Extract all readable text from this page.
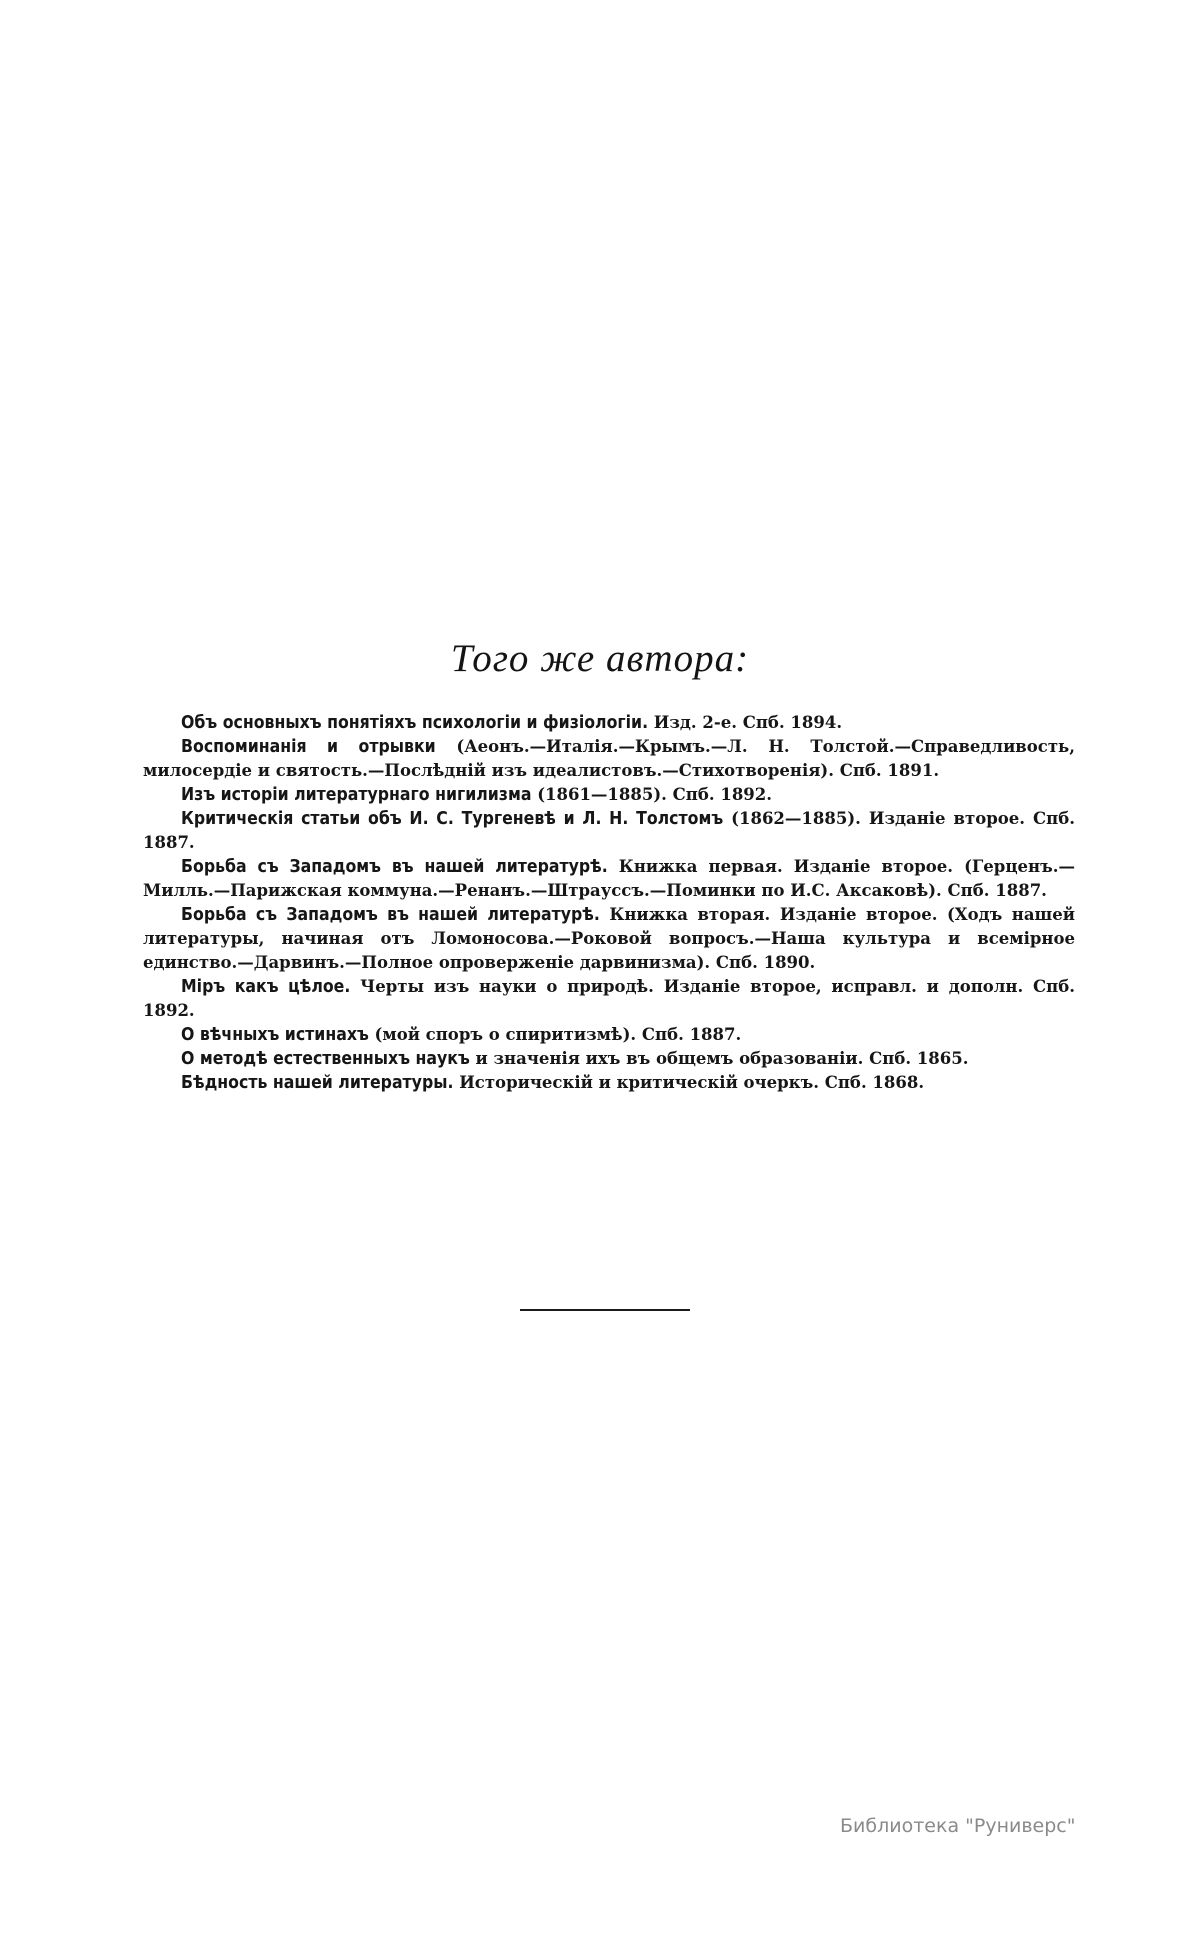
Того же автора:
Объ основныхъ понятіяхъ психологіи и физіологіи. Изд. 2-е. Спб. 1894.
Воспоминанія и отрывки (Аеонъ.—Италія.—Крымъ.—Л. Н. Толстой.—Справедливость, милосердіе и святость.—Послѣдній изъ идеалистовъ.—Стихотворенія). Спб. 1891.
Изъ исторіи литературнаго нигилизма (1861—1885). Спб. 1892.
Критическія статьи объ И. С. Тургеневѣ и Л. Н. Толстомъ (1862—1885). Изданіе второе. Спб. 1887.
Борьба съ Западомъ въ нашей литературѣ. Книжка первая. Изданіе второе. (Герценъ.—Милль.—Парижская коммуна.—Ренанъ.—Штрауссъ.—Поминки по И.С. Аксаковѣ). Спб. 1887.
Борьба съ Западомъ въ нашей литературѣ. Книжка вторая. Изданіе второе. (Ходъ нашей литературы, начиная отъ Ломоносова.—Роковой вопросъ.—Наша культура и всемірное единство.—Дарвинъ.—Полное опроверженіе дарвинизма). Спб. 1890.
Міръ какъ цѣлое. Черты изъ науки о природѣ. Изданіе второе, исправл. и дополн. Спб. 1892.
О вѣчныхъ истинахъ (мой споръ о спиритизмѣ). Спб. 1887.
О методѣ естественныхъ наукъ и значенія ихъ въ общемъ образованіи. Спб. 1865.
Бѣдность нашей литературы. Историческій и критическій очеркъ. Спб. 1868.
Библиотека "Руниверс"
